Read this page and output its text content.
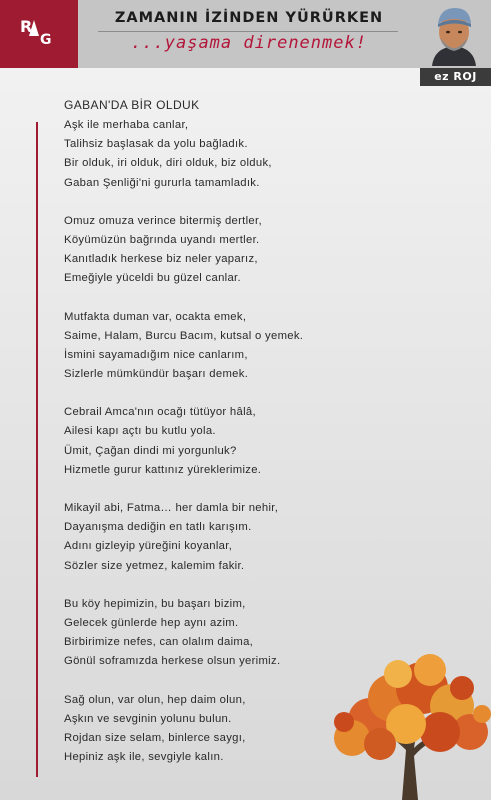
R
G
ZAMANIN İZİNDEN YÜRÜRKEN
...yaşama direnenmek!
ez ROJ
GABAN'DA BİR OLDUK
Aşk ile merhaba canlar,
Talihsiz başlasak da yolu bağladık.
Bir olduk, iri olduk, diri olduk, biz olduk,
Gaban Şenliği'ni gururla tamamladık.
Omuz omuza verince bitermiş dertler,
Köyümüzün bağrında uyandı mertler.
Kanıtladık herkese biz neler yaparız,
Emeğiyle yüceldi bu güzel canlar.
Mutfakta duman var, ocakta emek,
Saime, Halam, Burcu Bacım, kutsal o yemek.
İsmini sayamadığım nice canlarım,
Sizlerle mümkündür başarı demek.
Cebrail Amca'nın ocağı tütüyor hâlâ,
Ailesi kapı açtı bu kutlu yola.
Ümit, Çağan dindi mi yorgunluk?
Hizmetle gurur kattınız yüreklerimize.
Mikayil abi, Fatma… her damla bir nehir,
Dayanışma dediğin en tatlı karışım.
Adını gizleyip yüreğini koyanlar,
Sözler size yetmez, kalemim fakir.
Bu köy hepimizin, bu başarı bizim,
Gelecek günlerde hep aynı azim.
Birbirimize nefes, can olalım daima,
Gönül soframızda herkese olsun yerimiz.
Sağ olun, var olun, hep daim olun,
Aşkın ve sevginin yolunu bulun.
Rojdan size selam, binlerce saygı,
Hepiniz aşk ile, sevgiyle kalın.
